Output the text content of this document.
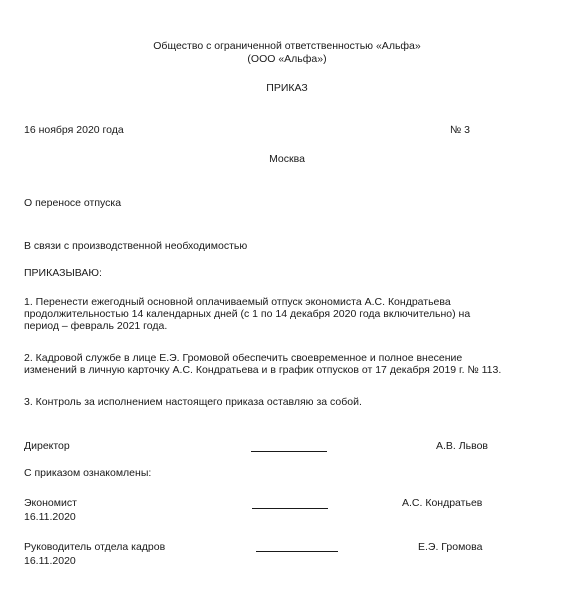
Общество с ограниченной ответственностью «Альфа»
(ООО «Альфа»)
ПРИКАЗ
16 ноября 2020 года	№ 3
Москва
О переносе отпуска
В связи с производственной необходимостью
ПРИКАЗЫВАЮ:
1. Перенести ежегодный основной оплачиваемый отпуск экономиста А.С. Кондратьева
продолжительностью 14 календарных дней (с 1 по 14 декабря 2020 года включительно) на
период – февраль 2021 года.
2. Кадровой службе в лице Е.Э. Громовой обеспечить своевременное и полное внесение
изменений в личную карточку А.С. Кондратьева и в график отпусков от 17 декабря 2019 г. № 113.
3. Контроль за исполнением настоящего приказа оставляю за собой.
Директор	А.В. Львов
С приказом ознакомлены:
Экономист
16.11.2020
А.С. Кондратьев
Руководитель отдела кадров
16.11.2020
Е.Э. Громова
